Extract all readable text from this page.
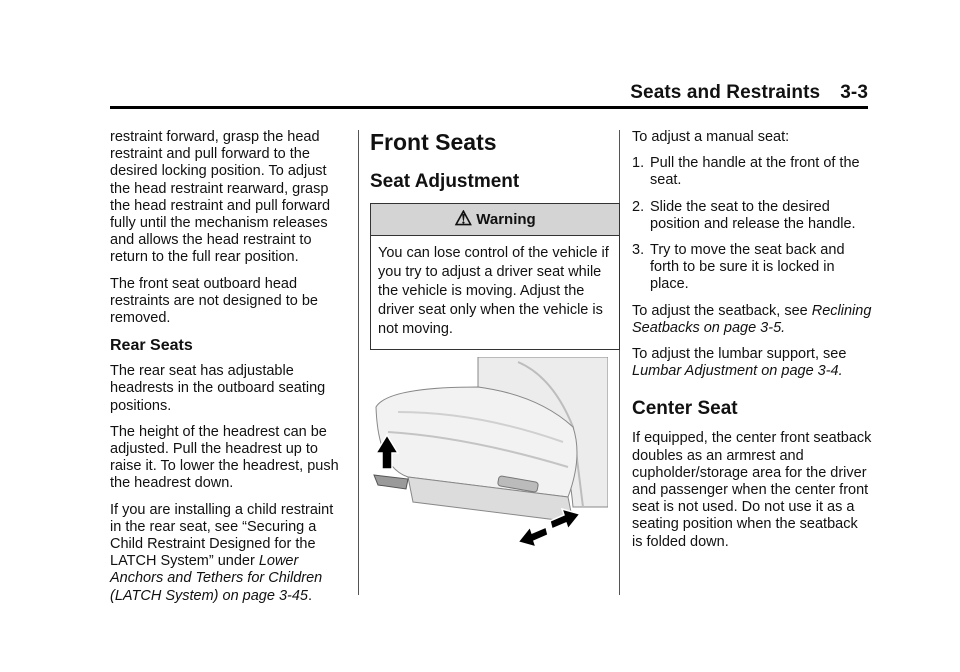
Seats and Restraints 3-3

restraint forward, grasp the head restraint and pull forward to the desired locking position. To adjust the head restraint rearward, grasp the head restraint and pull forward fully until the mechanism releases and allows the head restraint to return to the full rear position.

The front seat outboard head restraints are not designed to be removed.

Rear Seats

The rear seat has adjustable headrests in the outboard seating positions.

The height of the headrest can be adjusted. Pull the headrest up to raise it. To lower the headrest, push the headrest down.

If you are installing a child restraint in the rear seat, see “Securing a Child Restraint Designed for the LATCH System” under Lower Anchors and Tethers for Children (LATCH System) on page 3-45.

Front Seats
Seat Adjustment
⚠ Warning
You can lose control of the vehicle if you try to adjust a driver seat while the vehicle is moving. Adjust the driver seat only when the vehicle is not moving.

To adjust a manual seat:

1. Pull the handle at the front of the seat.
2. Slide the seat to the desired position and release the handle.
3. Try to move the seat back and forth to be sure it is locked in place.

To adjust the seatback, see Reclining Seatbacks on page 3-5.

To adjust the lumbar support, see Lumbar Adjustment on page 3-4.

Center Seat

If equipped, the center front seatback doubles as an armrest and cupholder/storage area for the driver and passenger when the center front seat is not used. Do not use it as a seating position when the seatback is folded down.
